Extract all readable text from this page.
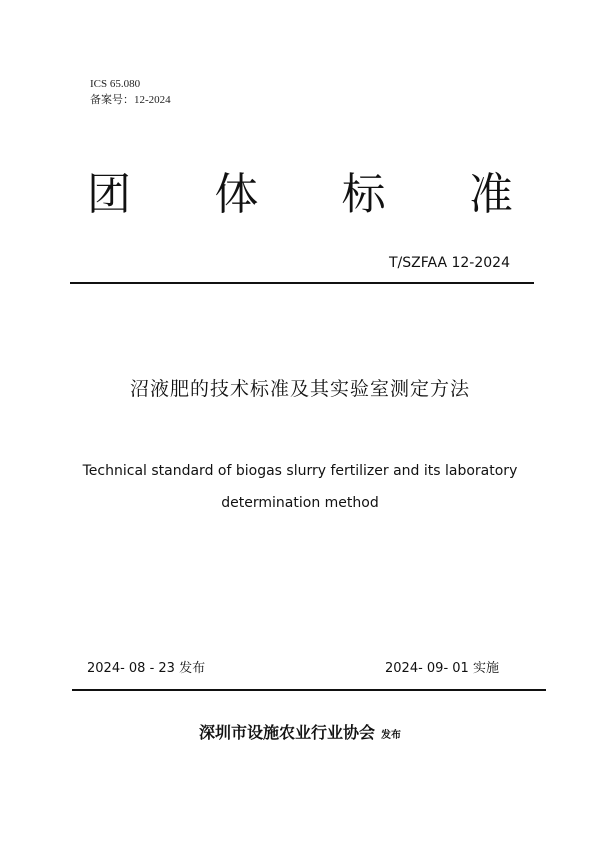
ICS 65.080
备案号：12-2024
团 体 标 准
T/SZFAA 12-2024
沼液肥的技术标准及其实验室测定方法
Technical standard of biogas slurry fertilizer and its laboratory
determination method
2024- 08 - 23 发布	2024- 09- 01 实施
深圳市设施农业行业协会 发布
